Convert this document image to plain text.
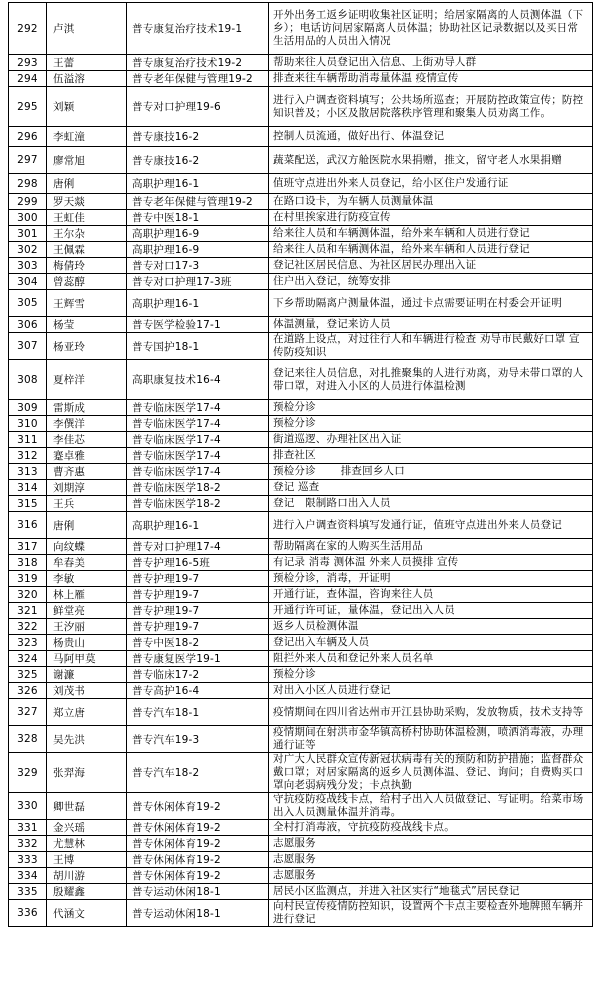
292	卢淇	普专康复治疗技术19-1	开外出务工返乡证明收集社区证明；给居家隔离的人员测体温（下乡）；电话访问居家隔离人员体温；协助社区记录数据以及买日常生活用品的人员出入情况
293	王蕾	普专康复治疗技术19-2	帮助来往人员登记出入信息、上街劝导人群
294	伍溢溶	普专老年保健与管理19-2	排查来往车辆帮助消毒量体温 疫情宣传
295	刘颖	普专对口护理19-6	进行入户调查资料填写；公共场所巡查；开展防控政策宣传；防控知识普及；小区及散居院落秩序管理和聚集人员劝离工作。
296	李虹潼	普专康技16-2	控制人员流通，做好出行、体温登记
297	廖常旭	普专康技16-2	蔬菜配送，武汉方舱医院水果捐赠，推文，留守老人水果捐赠
298	唐俐	高职护理16-1	值班守点进出外来人员登记，给小区住户发通行证
299	罗天燚	普专老年保健与管理19-2	在路口设卡，为车辆人员测量体温
300	王虹佳	普专中医18-1	在村里挨家进行防疫宣传
301	王尔杂	高职护理16-9	给来往人员和车辆测体温，给外来车辆和人员进行登记
302	王佩霖	高职护理16-9	给来往人员和车辆测体温，给外来车辆和人员进行登记
303	梅倩玲	普专对口17-3	登记社区居民信息、为社区居民办理出入证
304	曾蕊醇	普专对口护理17-3班	住户出入登记，统筹安排
305	王辉雪	高职护理16-1	下乡帮助隔离户测量体温，通过卡点需要证明在村委会开证明
306	杨莹	普专医学检验17-1	体温测量，登记来访人员
307	杨亚玲	普专国护18-1	在道路上设点，对过往行人和车辆进行检查 劝导市民戴好口罩 宣传防疫知识
308	夏梓洋	高职康复技术16-4	登记来往人员信息，对扎推聚集的人进行劝离，劝导未带口罩的人带口罩，对进入小区的人员进行体温检测
309	雷斯成	普专临床医学17-4	预检分诊
310	李僎洋	普专临床医学17-4	预检分诊
311	李佳芯	普专临床医学17-4	街道巡逻、办理社区出入证
312	蹇卓雅	普专临床医学17-4	排查社区
313	曹齐惠	普专临床医学17-4	预检分诊　　 排查回乡人口
314	刘期淳	普专临床医学18-2	登记 巡查
315	王兵	普专临床医学18-2	登记　限制路口出入人员
316	唐俐	高职护理16-1	进行入户调查资料填写发通行证，值班守点进出外来人员登记
317	向纹蝶	普专对口护理17-4	帮助隔离在家的人购买生活用品
318	牟春美	普专护理16-5班	有记录 消毒 测体温 外来人员摸排 宣传
319	李敏	普专护理19-7	预检分诊，消毒，开证明
320	林上雁	普专护理19-7	开通行证，查体温，咨询来往人员
321	鲜堂亮	普专护理19-7	开通行许可证，量体温，登记出入人员
322	王汐丽	普专护理19-7	返乡人员检测体温
323	杨贵山	普专中医18-2	登记出入车辆及人员
324	马阿甲莫	普专康复医学19-1	阻拦外来人员和登记外来人员名单
325	谢濂	普专临床17-2	预检分诊
326	刘茂书	普专高护16-4	对出入小区人员进行登记
327	郑立唐	普专汽车18-1	疫情期间在四川省达州市开江县协助采购，发放物质，技术支持等
328	吴先洪	普专汽车19-3	疫情期间在射洪市金华镇高桥村协助体温检测，喷洒消毒液，办理通行证等
329	张羿海	普专汽车18-2	对广大人民群众宣传新冠状病毒有关的预防和防护措施；监督群众戴口罩；对居家隔离的返乡人员测体温、登记、询问；自费购买口罩向老弱病残分发；卡点执勤
330	卿世磊	普专休闲体育19-2	守抗疫防疫战线卡点，给村子出入人员做登记、写证明。给菜市场出入人员测量体温并消毒。
331	金兴瑶	普专休闲体育19-2	全村打消毒液，守抗疫防疫战线卡点。
332	尤慧林	普专休闲体育19-2	志愿服务
333	王博	普专休闲体育19-2	志愿服务
334	胡川游	普专休闲体育19-2	志愿服务
335	殷耀鑫	普专运动休闲18-1	居民小区监测点，并进入社区实行“地毯式”居民登记
336	代涵文	普专运动休闲18-1	向村民宣传疫情防控知识，设置两个卡点主要检查外地牌照车辆并进行登记
